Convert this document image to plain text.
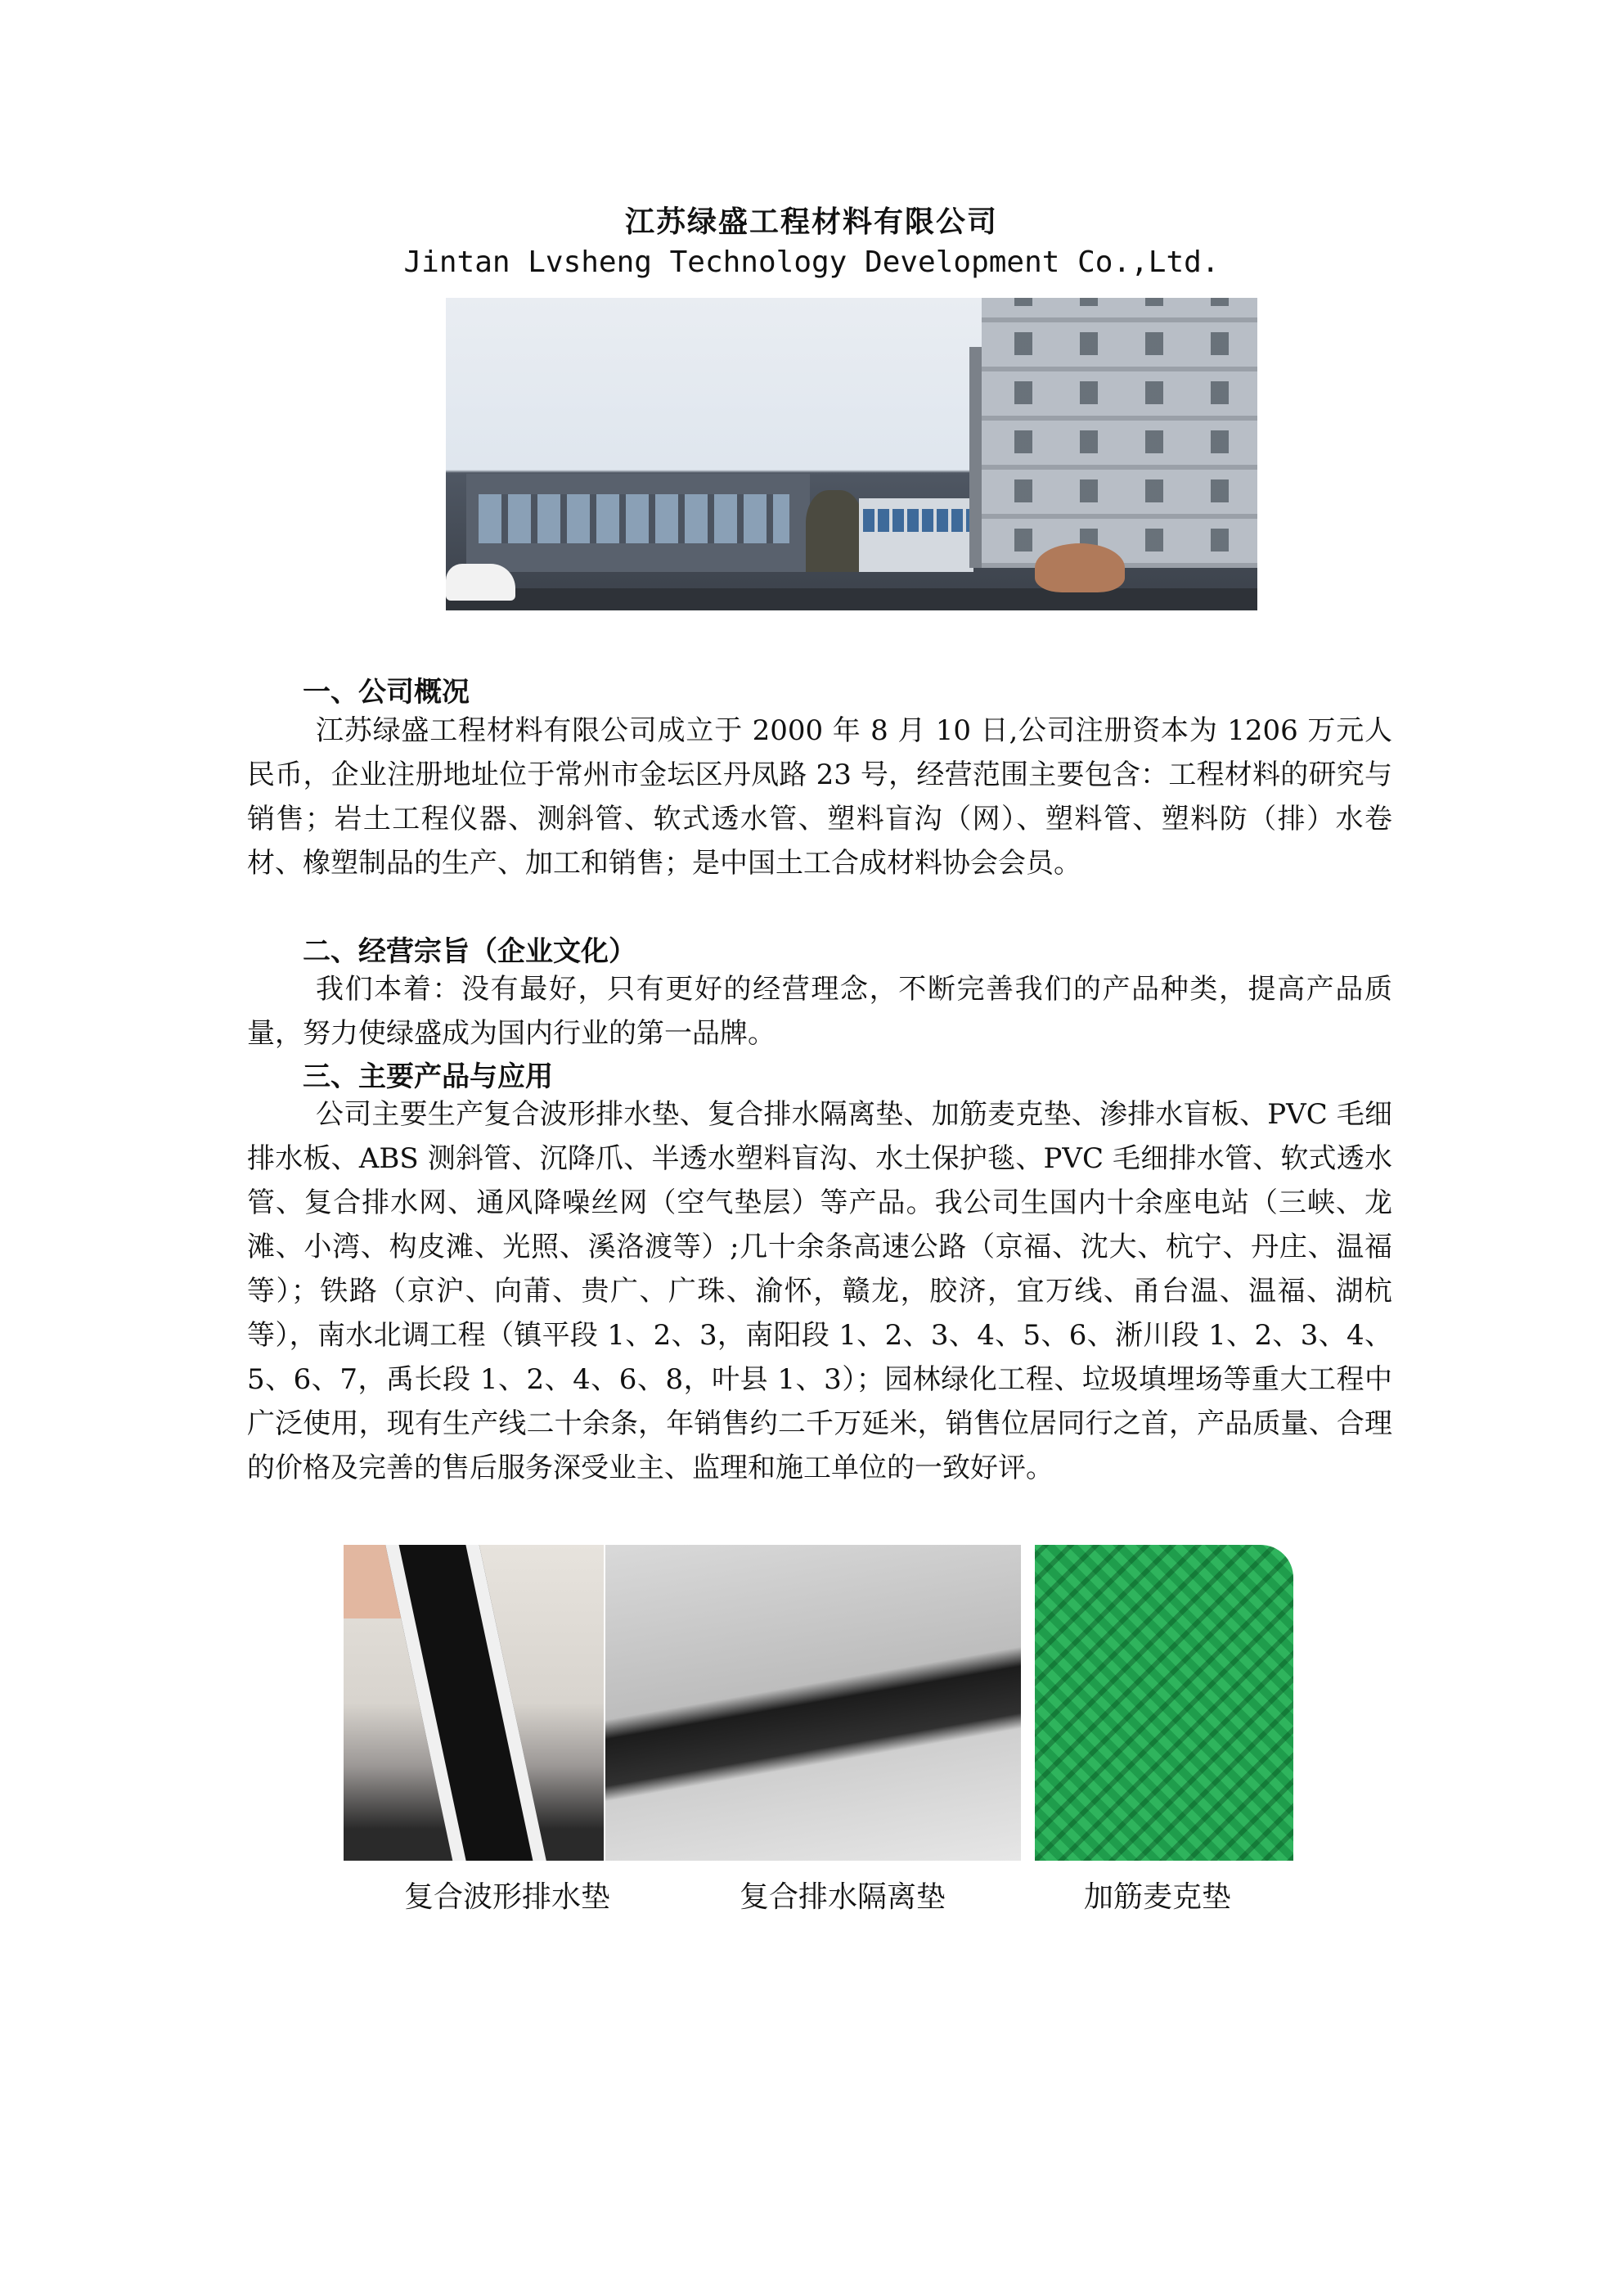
江苏绿盛工程材料有限公司
Jintan Lvsheng Technology Development Co.,Ltd.
一、公司概况

江苏绿盛工程材料有限公司成立于 2000 年 8 月 10 日,公司注册资本为 1206 万元人民币，企业注册地址位于常州市金坛区丹凤路 23 号，经营范围主要包含：工程材料的研究与销售；岩土工程仪器、测斜管、软式透水管、塑料盲沟（网）、塑料管、塑料防（排）水卷材、橡塑制品的生产、加工和销售；是中国土工合成材料协会会员。

二、经营宗旨（企业文化）

我们本着：没有最好，只有更好的经营理念，不断完善我们的产品种类，提高产品质量，努力使绿盛成为国内行业的第一品牌。

三、主要产品与应用

公司主要生产复合波形排水垫、复合排水隔离垫、加筋麦克垫、渗排水盲板、PVC 毛细排水板、ABS 测斜管、沉降爪、半透水塑料盲沟、水土保护毯、PVC 毛细排水管、软式透水管、复合排水网、通风降噪丝网（空气垫层）等产品。我公司生国内十余座电站（三峡、龙滩、小湾、构皮滩、光照、溪洛渡等）;几十余条高速公路（京福、沈大、杭宁、丹庄、温福等）；铁路（京沪、向莆、贵广、广珠、渝怀，赣龙，胶济，宜万线、甬台温、温福、湖杭等），南水北调工程（镇平段 1、2、3，南阳段 1、2、3、4、5、6、淅川段 1、2、3、4、5、6、7，禹长段 1、2、4、6、8，叶县 1、3）；园林绿化工程、垃圾填埋场等重大工程中广泛使用，现有生产线二十余条，年销售约二千万延米，销售位居同行之首，产品质量、合理的价格及完善的售后服务深受业主、监理和施工单位的一致好评。

复合波形排水垫	复合排水隔离垫	加筋麦克垫
